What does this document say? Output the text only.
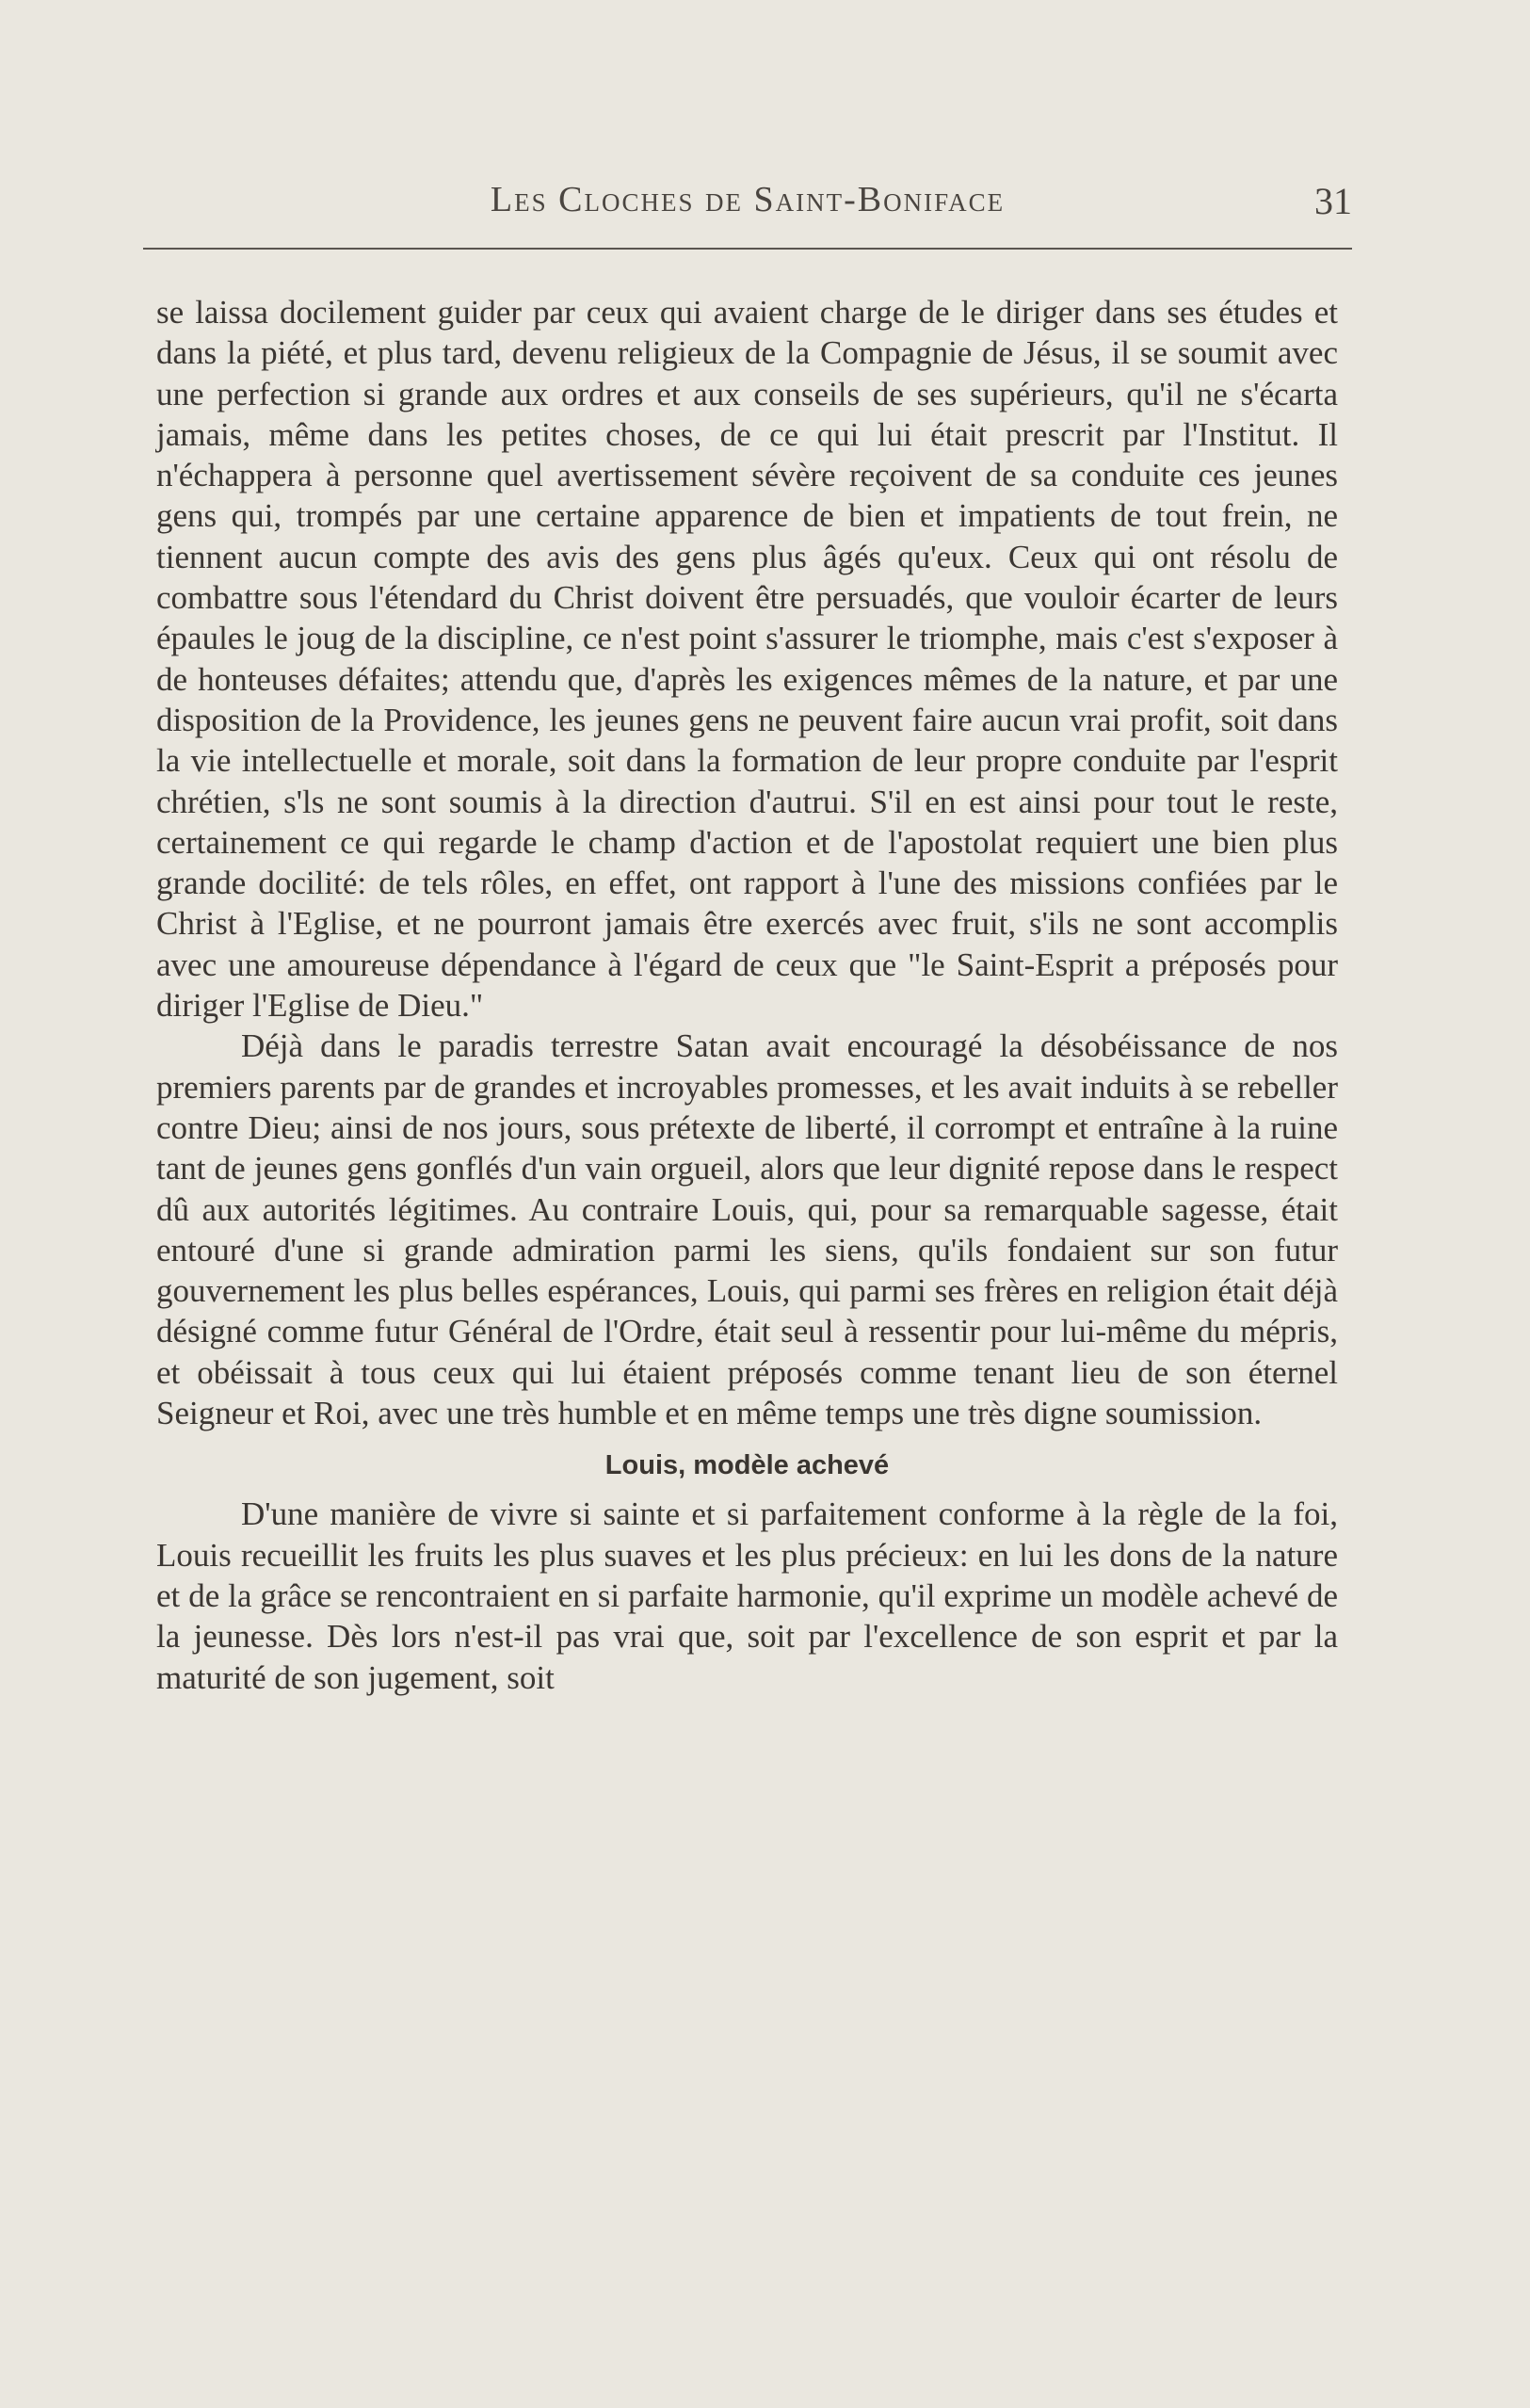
Les Cloches de Saint-Boniface	31

se laissa docilement guider par ceux qui avaient charge de le diriger dans ses études et dans la piété, et plus tard, devenu religieux de la Compagnie de Jésus, il se soumit avec une perfection si grande aux ordres et aux conseils de ses supérieurs, qu'il ne s'écarta jamais, même dans les petites choses, de ce qui lui était prescrit par l'Institut. Il n'échappera à personne quel avertissement sévère reçoivent de sa conduite ces jeunes gens qui, trompés par une certaine apparence de bien et impatients de tout frein, ne tiennent aucun compte des avis des gens plus âgés qu'eux. Ceux qui ont résolu de combattre sous l'étendard du Christ doivent être persuadés, que vouloir écarter de leurs épaules le joug de la discipline, ce n'est point s'assurer le triomphe, mais c'est s'exposer à de honteuses défaites; attendu que, d'après les exigences mêmes de la nature, et par une disposition de la Providence, les jeunes gens ne peuvent faire aucun vrai profit, soit dans la vie intellectuelle et morale, soit dans la formation de leur propre conduite par l'esprit chrétien, s'ls ne sont soumis à la direction d'autrui. S'il en est ainsi pour tout le reste, certainement ce qui regarde le champ d'action et de l'apostolat requiert une bien plus grande docilité: de tels rôles, en effet, ont rapport à l'une des missions confiées par le Christ à l'Eglise, et ne pourront jamais être exercés avec fruit, s'ils ne sont accomplis avec une amoureuse dépendance à l'égard de ceux que "le Saint-Esprit a préposés pour diriger l'Eglise de Dieu."

Déjà dans le paradis terrestre Satan avait encouragé la désobéissance de nos premiers parents par de grandes et incroyables promesses, et les avait induits à se rebeller contre Dieu; ainsi de nos jours, sous prétexte de liberté, il corrompt et entraîne à la ruine tant de jeunes gens gonflés d'un vain orgueil, alors que leur dignité repose dans le respect dû aux autorités légitimes. Au contraire Louis, qui, pour sa remarquable sagesse, était entouré d'une si grande admiration parmi les siens, qu'ils fondaient sur son futur gouvernement les plus belles espérances, Louis, qui parmi ses frères en religion était déjà désigné comme futur Général de l'Ordre, était seul à ressentir pour lui-même du mépris, et obéissait à tous ceux qui lui étaient préposés comme tenant lieu de son éternel Seigneur et Roi, avec une très humble et en même temps une très digne soumission.

Louis, modèle achevé

D'une manière de vivre si sainte et si parfaitement conforme à la règle de la foi, Louis recueillit les fruits les plus suaves et les plus précieux: en lui les dons de la nature et de la grâce se rencontraient en si parfaite harmonie, qu'il exprime un modèle achevé de la jeunesse. Dès lors n'est-il pas vrai que, soit par l'excellence de son esprit et par la maturité de son jugement, soit
